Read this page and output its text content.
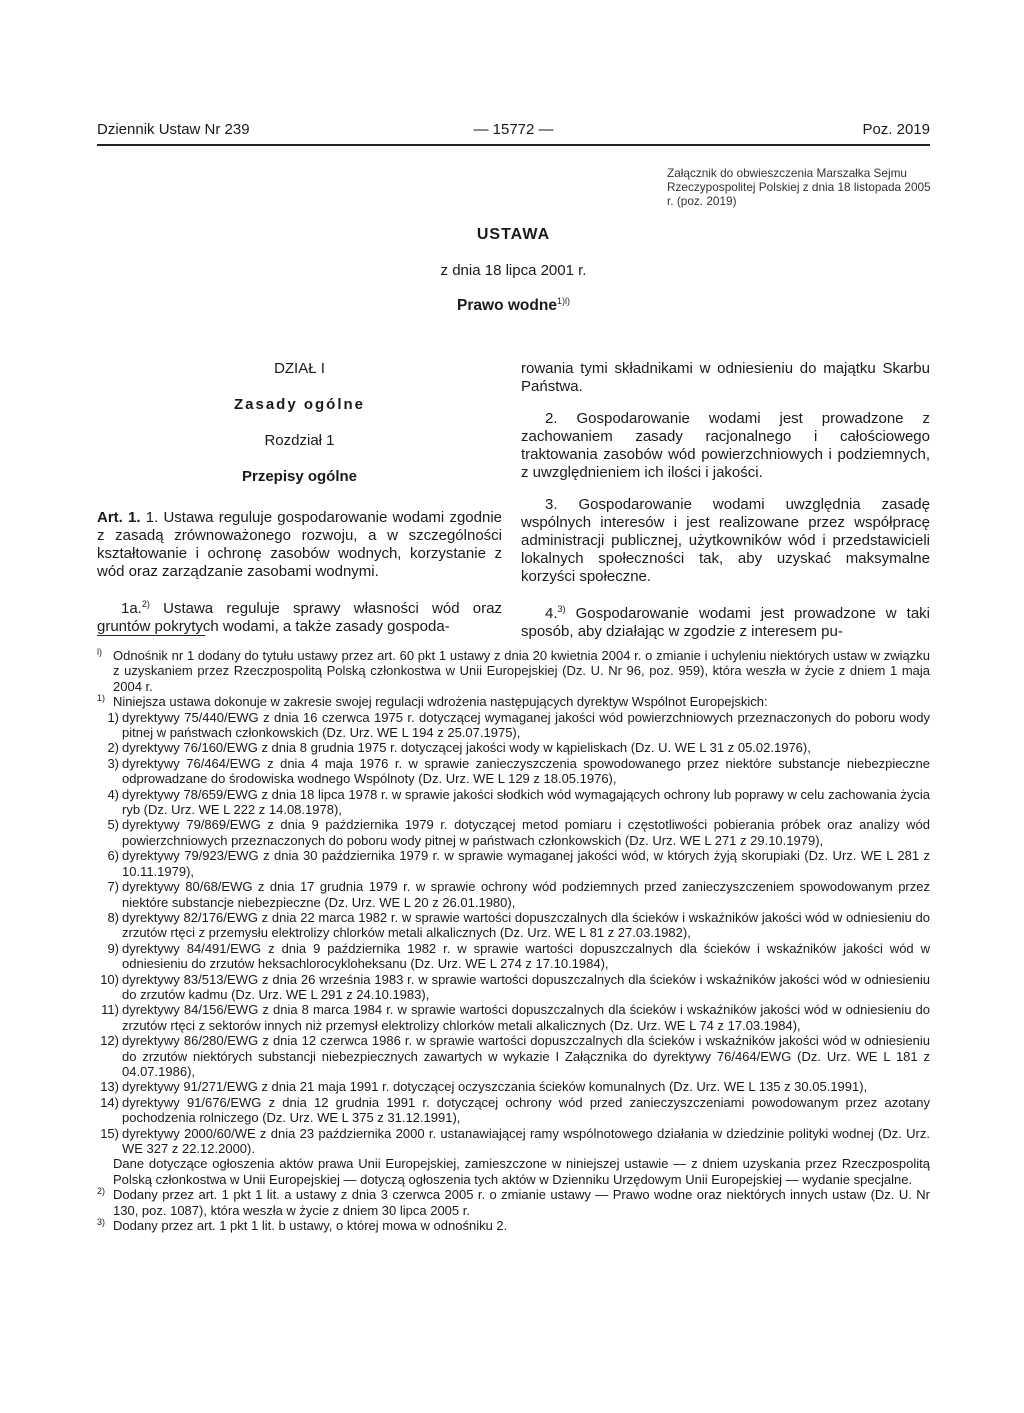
Dziennik Ustaw Nr 239	— 15772 —	Poz. 2019
Załącznik do obwieszczenia Marszałka Sejmu Rzeczypospolitej Polskiej z dnia 18 listopada 2005 r. (poz. 2019)
USTAWA
z dnia 18 lipca 2001 r.
Prawo wodne$^{1)l)}$

DZIAŁ I

Zasady ogólne

Rozdział 1

Przepisy ogólne

Art. 1. 1. Ustawa reguluje gospodarowanie wodami zgodnie z zasadą zrównoważonego rozwoju, a w szczególności kształtowanie i ochronę zasobów wodnych, korzystanie z wód oraz zarządzanie zasobami wodnymi.

1a.$^{2)}$ Ustawa reguluje sprawy własności wód oraz gruntów pokrytych wodami, a także zasady gospoda-

rowania tymi składnikami w odniesieniu do majątku Skarbu Państwa.

2. Gospodarowanie wodami jest prowadzone z zachowaniem zasady racjonalnego i całościowego traktowania zasobów wód powierzchniowych i podziemnych, z uwzględnieniem ich ilości i jakości.

3. Gospodarowanie wodami uwzględnia zasadę wspólnych interesów i jest realizowane przez współpracę administracji publicznej, użytkowników wód i przedstawicieli lokalnych społeczności tak, aby uzyskać maksymalne korzyści społeczne.

4.$^{3)}$ Gospodarowanie wodami jest prowadzone w taki sposób, aby działając w zgodzie z interesem pu-

l) Odnośnik nr 1 dodany do tytułu ustawy przez art. 60 pkt 1 ustawy z dnia 20 kwietnia 2004 r. o zmianie i uchyleniu niektórych ustaw w związku z uzyskaniem przez Rzeczpospolitą Polską członkostwa w Unii Europejskiej (Dz. U. Nr 96, poz. 959), która weszła w życie z dniem 1 maja 2004 r.

1) Niniejsza ustawa dokonuje w zakresie swojej regulacji wdrożenia następujących dyrektyw Wspólnot Europejskich:

1) dyrektywy 75/440/EWG z dnia 16 czerwca 1975 r. dotyczącej wymaganej jakości wód powierzchniowych przeznaczonych do poboru wody pitnej w państwach członkowskich (Dz. Urz. WE L 194 z 25.07.1975),

2) dyrektywy 76/160/EWG z dnia 8 grudnia 1975 r. dotyczącej jakości wody w kąpieliskach (Dz. U. WE L 31 z 05.02.1976),

3) dyrektywy 76/464/EWG z dnia 4 maja 1976 r. w sprawie zanieczyszczenia spowodowanego przez niektóre substancje niebezpieczne odprowadzane do środowiska wodnego Wspólnoty (Dz. Urz. WE L 129 z 18.05.1976),

4) dyrektywy 78/659/EWG z dnia 18 lipca 1978 r. w sprawie jakości słodkich wód wymagających ochrony lub poprawy w celu zachowania życia ryb (Dz. Urz. WE L 222 z 14.08.1978),

5) dyrektywy 79/869/EWG z dnia 9 października 1979 r. dotyczącej metod pomiaru i częstotliwości pobierania próbek oraz analizy wód powierzchniowych przeznaczonych do poboru wody pitnej w państwach członkowskich (Dz. Urz. WE L 271 z 29.10.1979),

6) dyrektywy 79/923/EWG z dnia 30 października 1979 r. w sprawie wymaganej jakości wód, w których żyją skorupiaki (Dz. Urz. WE L 281 z 10.11.1979),

7) dyrektywy 80/68/EWG z dnia 17 grudnia 1979 r. w sprawie ochrony wód podziemnych przed zanieczyszczeniem spowodowanym przez niektóre substancje niebezpieczne (Dz. Urz. WE L 20 z 26.01.1980),

8) dyrektywy 82/176/EWG z dnia 22 marca 1982 r. w sprawie wartości dopuszczalnych dla ścieków i wskaźników jakości wód w odniesieniu do zrzutów rtęci z przemysłu elektrolizy chlorków metali alkalicznych (Dz. Urz. WE L 81 z 27.03.1982),

9) dyrektywy 84/491/EWG z dnia 9 października 1982 r. w sprawie wartości dopuszczalnych dla ścieków i wskaźników jakości wód w odniesieniu do zrzutów heksachlorocykloheksanu (Dz. Urz. WE L 274 z 17.10.1984),

10) dyrektywy 83/513/EWG z dnia 26 września 1983 r. w sprawie wartości dopuszczalnych dla ścieków i wskaźników jakości wód w odniesieniu do zrzutów kadmu (Dz. Urz. WE L 291 z 24.10.1983),

11) dyrektywy 84/156/EWG z dnia 8 marca 1984 r. w sprawie wartości dopuszczalnych dla ścieków i wskaźników jakości wód w odniesieniu do zrzutów rtęci z sektorów innych niż przemysł elektrolizy chlorków metali alkalicznych (Dz. Urz. WE L 74 z 17.03.1984),

12) dyrektywy 86/280/EWG z dnia 12 czerwca 1986 r. w sprawie wartości dopuszczalnych dla ścieków i wskaźników jakości wód w odniesieniu do zrzutów niektórych substancji niebezpiecznych zawartych w wykazie I Załącznika do dyrektywy 76/464/EWG (Dz. Urz. WE L 181 z 04.07.1986),

13) dyrektywy 91/271/EWG z dnia 21 maja 1991 r. dotyczącej oczyszczania ścieków komunalnych (Dz. Urz. WE L 135 z 30.05.1991),

14) dyrektywy 91/676/EWG z dnia 12 grudnia 1991 r. dotyczącej ochrony wód przed zanieczyszczeniami powodowanym przez azotany pochodzenia rolniczego (Dz. Urz. WE L 375 z 31.12.1991),

15) dyrektywy 2000/60/WE z dnia 23 października 2000 r. ustanawiającej ramy wspólnotowego działania w dziedzinie polityki wodnej (Dz. Urz. WE 327 z 22.12.2000).

Dane dotyczące ogłoszenia aktów prawa Unii Europejskiej, zamieszczone w niniejszej ustawie — z dniem uzyskania przez Rzeczpospolitą Polską członkostwa w Unii Europejskiej — dotyczą ogłoszenia tych aktów w Dzienniku Urzędowym Unii Europejskiej — wydanie specjalne.

2) Dodany przez art. 1 pkt 1 lit. a ustawy z dnia 3 czerwca 2005 r. o zmianie ustawy — Prawo wodne oraz niektórych innych ustaw (Dz. U. Nr 130, poz. 1087), która weszła w życie z dniem 30 lipca 2005 r.

3) Dodany przez art. 1 pkt 1 lit. b ustawy, o której mowa w odnośniku 2.
